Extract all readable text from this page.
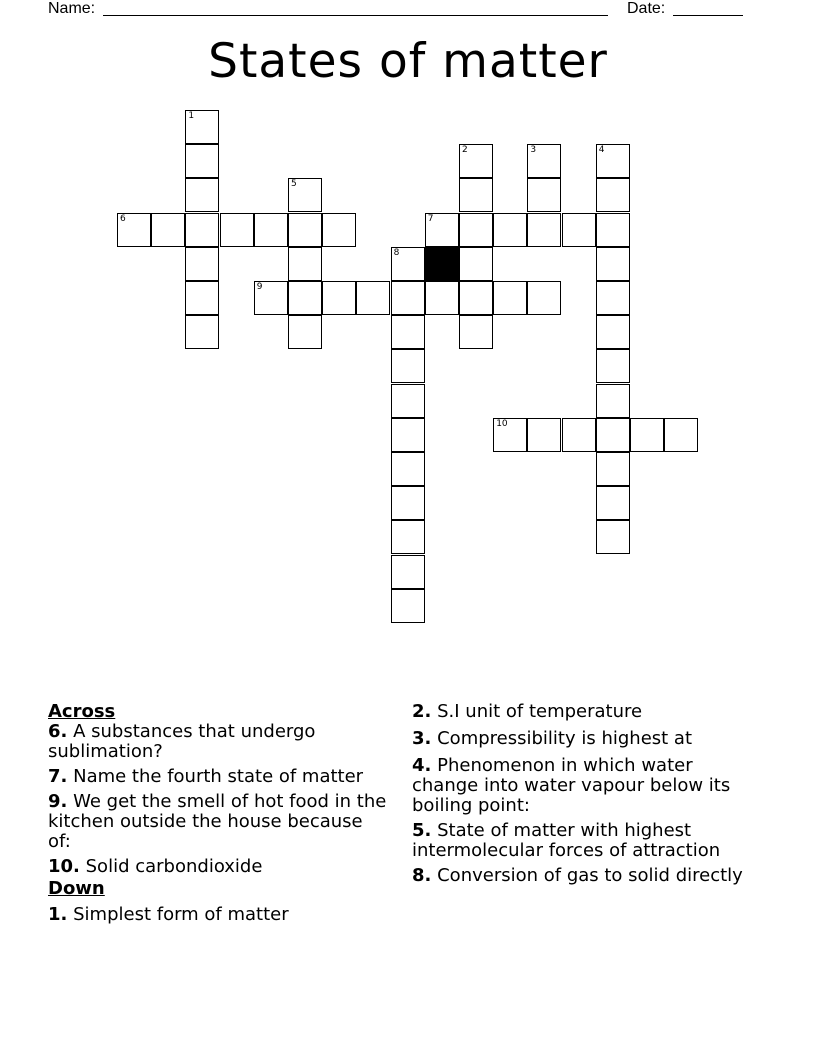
Name:	Date:
States of matter
6	7
9
10
1
2	3	4
5
8
Across
6. A substances that undergo sublimation?
7. Name the fourth state of matter
9. We get the smell of hot food in the kitchen outside the house because of:
10. Solid carbondioxide
Down
1. Simplest form of matter
2. S.I unit of temperature
3. Compressibility is highest at
4. Phenomenon in which water change into water vapour below its boiling point:
5. State of matter with highest intermolecular forces of attraction
8. Conversion of gas to solid directly
